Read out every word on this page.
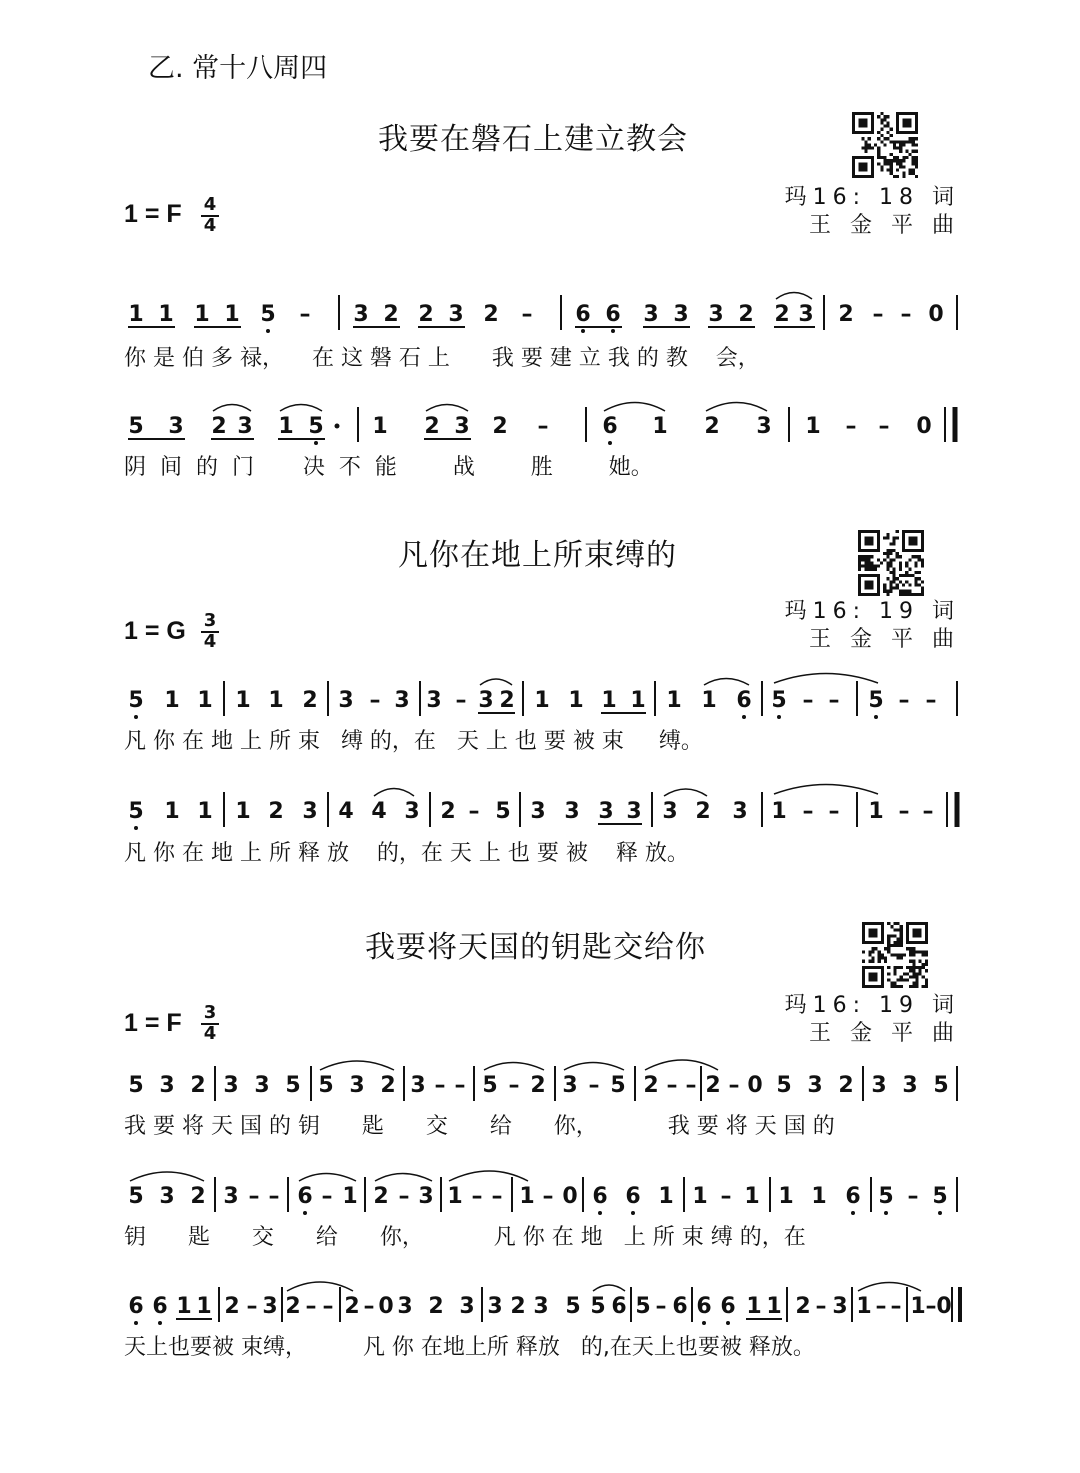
乙. 常十八周四
我要在磐石上建立教会
玛16: 18 词
王 金 平 曲
1 = F $\frac{4}{4}$
1 1 1 1 5 – 3 2 2 3 2 – 6 6 3 3 3 2 2 3 2 – – 0
5 3 2 3 1 5 1 2 3 2 – 6 1 2 3 1 – – 0
5 1 1 1 1 2 3 – 3 3 – 3 2 1 1 1 1 1 1 6 5 – – 5 – –
5 1 1 1 2 3 4 4 3 2 – 5 3 3 3 3 3 2 3 1 – – 1 – –
5 3 2 3 3 5 5 3 2 3 – – 5 – 2 3 – 5 2 – – 2 – 0 5 3 2 3 3 5
5 3 2 3 – – 6 – 1 2 – 3 1 – – 1 – 0 6 6 1 1 – 1 1 1 6 5 – 5
6 6 1 1 2 – 3 2 – – 2 – 0 3 2 3 3 2 3 5 5 6 5 – 6 6 6 1 1 2 – 3 1 – – 1 – 0
你 是 伯 多 禄，    在 这 磐 石 上      我 要 建 立 我 的 教    会，
阴  间  的  门       决  不  能        战        胜        她。
凡你在地上所束缚的
玛16: 19 词
王 金 平 曲
1 = G $\frac{3}{4}$
凡 你 在 地 上 所 束   缚 的，在   天 上 也 要 被 束     缚。
凡 你 在 地 上 所 释 放    的，在 天 上 也 要 被    释 放。
我要将天国的钥匙交给你
玛16: 19 词
王 金 平 曲
1 = F $\frac{3}{4}$
我 要 将 天 国 的 钥      匙      交      给      你，          我 要 将 天 国 的
钥      匙      交      给      你，          凡 你 在 地   上 所 束 缚 的，在
天上也要被 束缚，        凡 你 在地上所 释放   的,在天上也要被 释放。
